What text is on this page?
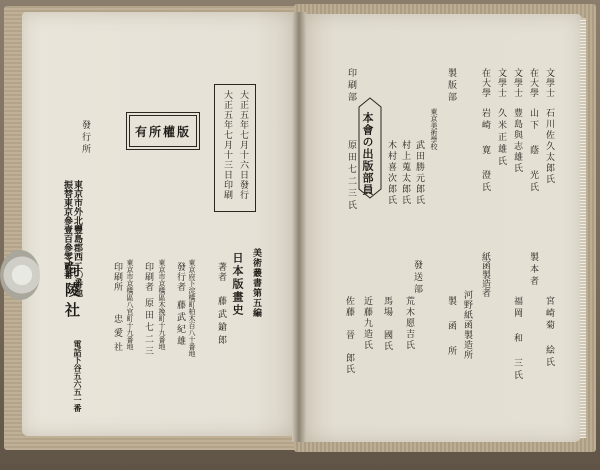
大正五年七月十三日印刷 大正五年七月十六日發行
有所權版
美術叢書第五編
日本版畫史
著者
藤武鎗郎
東京府下淀橋町柏木百八十番地
發行者
藤武紀雄
東京市京橋區木挽町十九番地
印刷者
原田七二三
東京市京橋區八官町十九番地
印刷所
忠愛社
發行所
東京市外北豐島郡西二〇番地
振替東京參壹百參零貳番
向陵社
電話下谷五六五一番
文學士
石川佐久太郎氏
在大學
山下 蔭 光氏
文學士
豊島與志雄氏
文學士
久米正雄氏
在大學
岩崎 寛 澄氏
製版部
東京美術學校
武田勝元郎氏
村上蒐太郎氏
木村喜次郎氏
本會の出版部員
印刷部
原田七二三氏
製本者
宮崎菊 絵氏
福岡 和 三氏
紙函製造者
河野紙函製造所
製 函 所
發送部
荒木愿吉氏
馬場 國氏
近藤九造氏
佐藤 晉 郎氏
